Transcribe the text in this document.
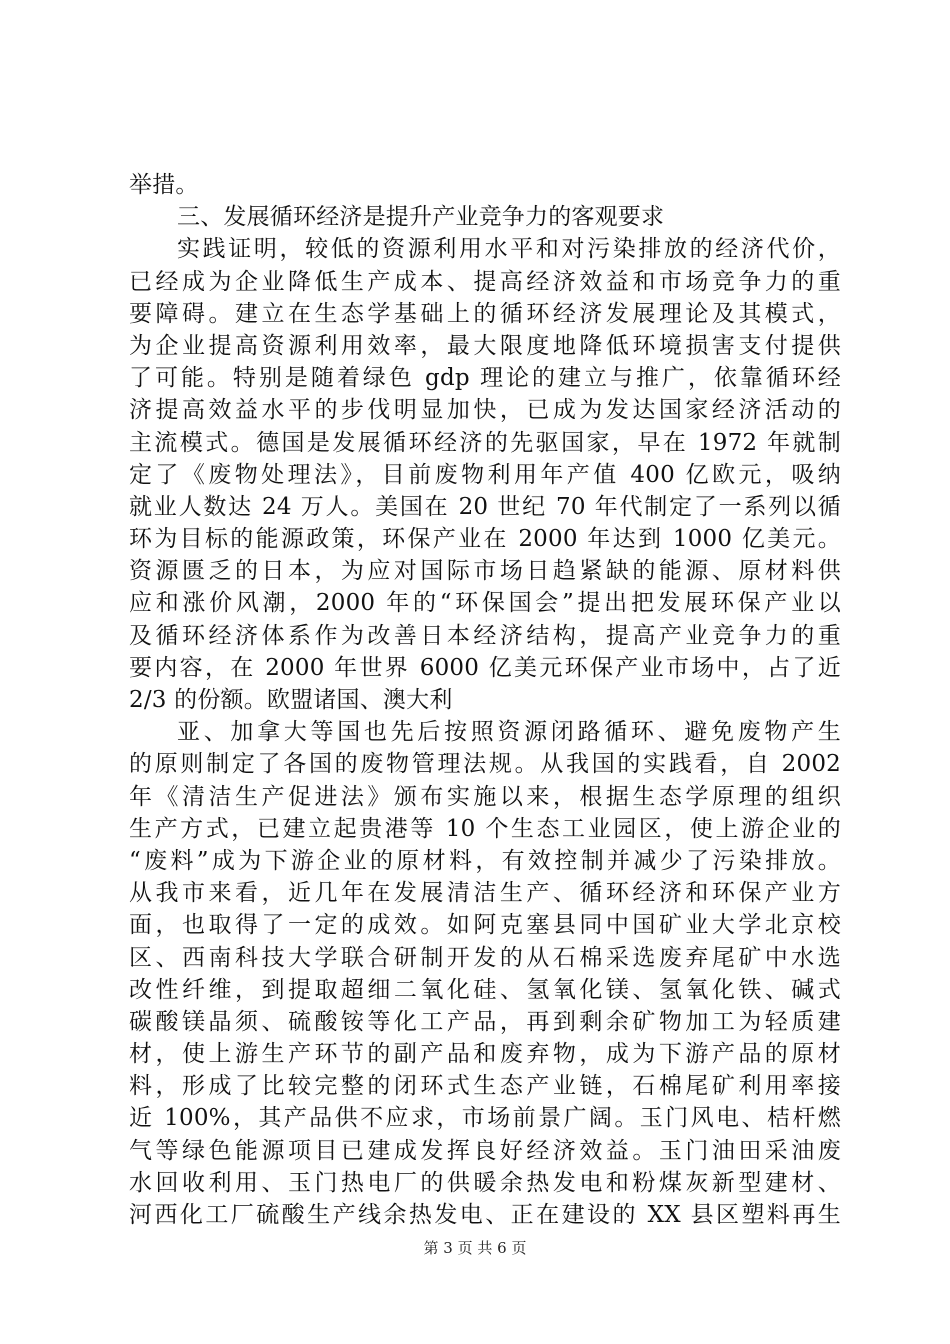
举措。
三、发展循环经济是提升产业竞争力的客观要求
实践证明，较低的资源利用水平和对污染排放的经济代价，
已经成为企业降低生产成本、提高经济效益和市场竞争力的重
要障碍。建立在生态学基础上的循环经济发展理论及其模式，
为企业提高资源利用效率，最大限度地降低环境损害支付提供
了可能。特别是随着绿色 gdp 理论的建立与推广，依靠循环经
济提高效益水平的步伐明显加快，已成为发达国家经济活动的
主流模式。德国是发展循环经济的先驱国家，早在 1972 年就制
定了《废物处理法》，目前废物利用年产值 400 亿欧元，吸纳
就业人数达 24 万人。美国在 20 世纪 70 年代制定了一系列以循
环为目标的能源政策，环保产业在 2000 年达到 1000 亿美元。
资源匮乏的日本，为应对国际市场日趋紧缺的能源、原材料供
应和涨价风潮，2000 年的“环保国会”提出把发展环保产业以
及循环经济体系作为改善日本经济结构，提高产业竞争力的重
要内容，在 2000 年世界 6000 亿美元环保产业市场中，占了近
2/3 的份额。欧盟诸国、澳大利
亚、加拿大等国也先后按照资源闭路循环、避免废物产生
的原则制定了各国的废物管理法规。从我国的实践看，自 2002
年《清洁生产促进法》颁布实施以来，根据生态学原理的组织
生产方式，已建立起贵港等 10 个生态工业园区，使上游企业的
“废料”成为下游企业的原材料，有效控制并减少了污染排放。
从我市来看，近几年在发展清洁生产、循环经济和环保产业方
面，也取得了一定的成效。如阿克塞县同中国矿业大学北京校
区、西南科技大学联合研制开发的从石棉采选废弃尾矿中水选
改性纤维，到提取超细二氧化硅、氢氧化镁、氢氧化铁、碱式
碳酸镁晶须、硫酸铵等化工产品，再到剩余矿物加工为轻质建
材，使上游生产环节的副产品和废弃物，成为下游产品的原材
料，形成了比较完整的闭环式生态产业链，石棉尾矿利用率接
近 100%，其产品供不应求，市场前景广阔。玉门风电、桔杆燃
气等绿色能源项目已建成发挥良好经济效益。玉门油田采油废
水回收利用、玉门热电厂的供暖余热发电和粉煤灰新型建材、
河西化工厂硫酸生产线余热发电、正在建设的 XX 县区塑料再生
第 3 页 共 6 页
